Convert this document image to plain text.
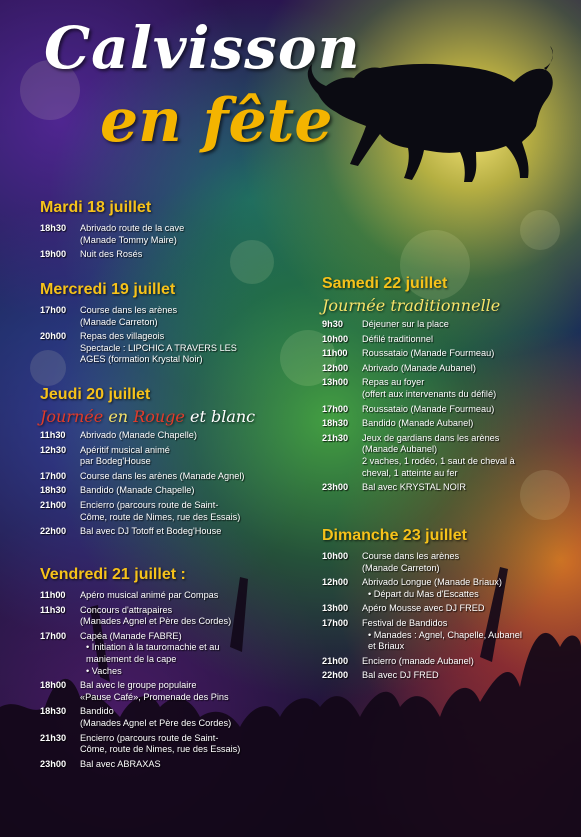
Calvisson
en fête
Mardi 18 juillet
18h30	Abrivado route de la cave
(Manade Tommy Maire)
19h00	Nuit des Rosés
Mercredi 19 juillet
17h00	Course dans les arènes
(Manade Carreton)
20h00	Repas des villageois
Spectacle : LIPCHIC A TRAVERS LES
AGES (formation Krystal Noir)
Jeudi 20 juillet
Journée en Rouge et blanc
11h30	Abrivado (Manade Chapelle)
12h30	Apéritif musical animé
par Bodeg'House
17h00	Course dans les arènes (Manade Agnel)
18h30	Bandido (Manade Chapelle)
21h00	Encierro (parcours route de Saint-
Côme, route de Nimes, rue des Essais)
22h00	Bal avec DJ Totoff et Bodeg'House
Vendredi 21 juillet :
11h00	Apéro musical animé par Compas
11h30	Concours d'attrapaires
(Manades Agnel et Père des Cordes)
17h00	Capéa (Manade FABRE)
• Initiation à la tauromachie et au
maniement de la cape
• Vaches
18h00	Bal avec le groupe populaire
«Pause Café», Promenade des Pins
18h30	Bandido
(Manades Agnel et Père des Cordes)
21h30	Encierro (parcours route de Saint-
Côme, route de Nimes, rue des Essais)
23h00	Bal avec ABRAXAS
Samedi 22 juillet
Journée traditionnelle
9h30	Déjeuner sur la place
10h00	Défilé traditionnel
11h00	Roussataio (Manade Fourmeau)
12h00	Abrivado (Manade Aubanel)
13h00	Repas au foyer
(offert aux intervenants du défilé)
17h00	Roussataio (Manade Fourmeau)
18h30	Bandido (Manade Aubanel)
21h30	Jeux de gardians dans les arènes
(Manade Aubanel)
2 vaches, 1 rodéo, 1 saut de cheval à
cheval, 1 atteinte au fer
23h00	Bal avec KRYSTAL NOIR
Dimanche 23 juillet
10h00	Course dans les arènes
(Manade Carreton)
12h00	Abrivado Longue (Manade Briaux)
• Départ du Mas d'Escattes
13h00	Apéro Mousse avec DJ FRED
17h00	Festival de Bandidos
• Manades : Agnel, Chapelle, Aubanel
et Briaux
21h00	Encierro (manade Aubanel)
22h00	Bal avec DJ FRED
